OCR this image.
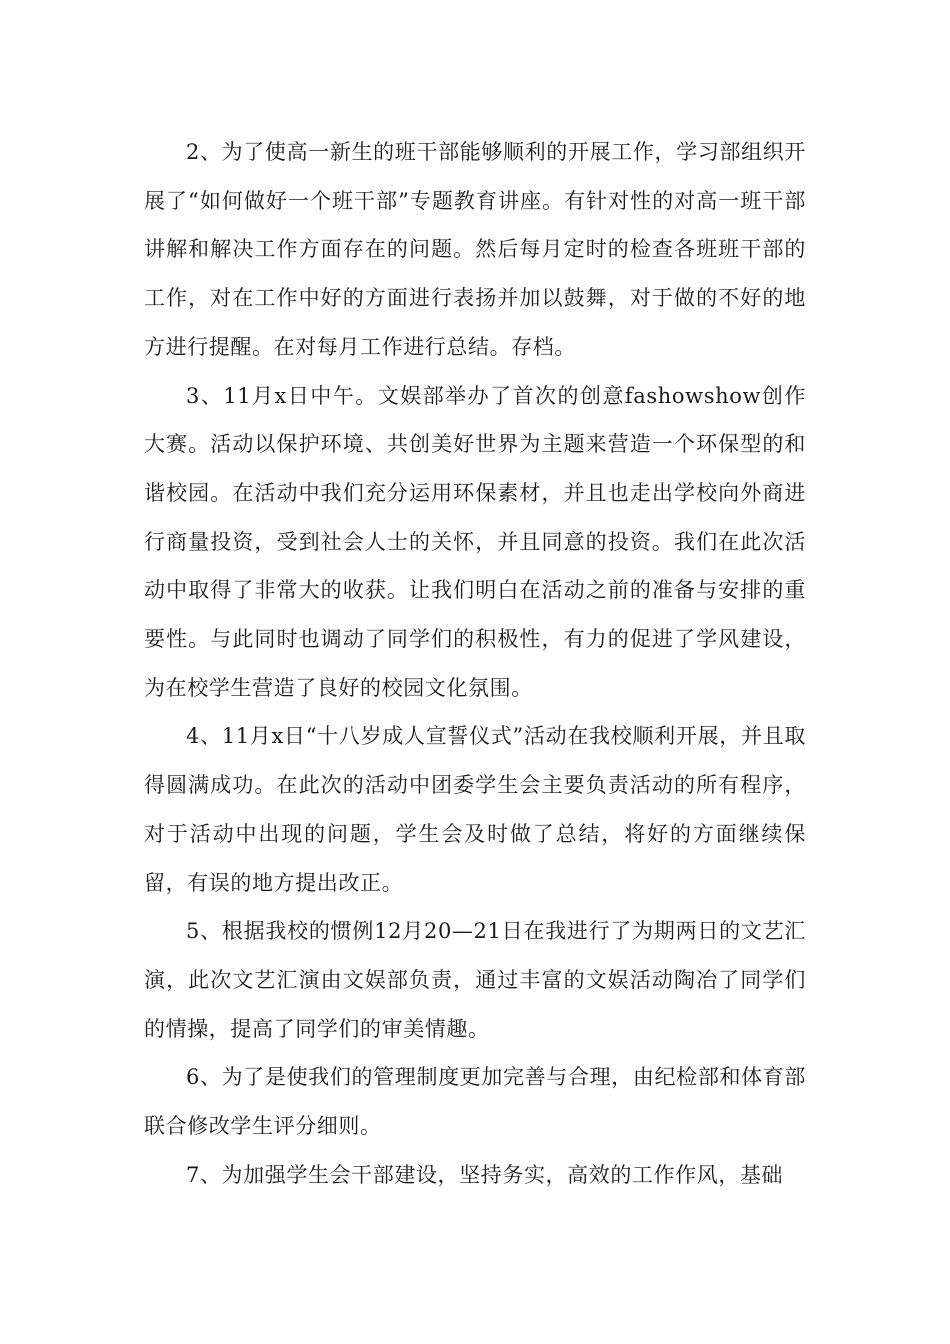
2、为了使高一新生的班干部能够顺利的开展工作，学习部组织开展了“如何做好一个班干部”专题教育讲座。有针对性的对高一班干部讲解和解决工作方面存在的问题。然后每月定时的检查各班班干部的工作，对在工作中好的方面进行表扬并加以鼓舞，对于做的不好的地方进行提醒。在对每月工作进行总结。存档。

3、11月x日中午。文娱部举办了首次的创意fashowshow创作大赛。活动以保护环境、共创美好世界为主题来营造一个环保型的和谐校园。在活动中我们充分运用环保素材，并且也走出学校向外商进行商量投资，受到社会人士的关怀，并且同意的投资。我们在此次活动中取得了非常大的收获。让我们明白在活动之前的准备与安排的重要性。与此同时也调动了同学们的积极性，有力的促进了学风建设，为在校学生营造了良好的校园文化氛围。

4、11月x日“十八岁成人宣誓仪式”活动在我校顺利开展，并且取得圆满成功。在此次的活动中团委学生会主要负责活动的所有程序，对于活动中出现的问题，学生会及时做了总结，将好的方面继续保留，有误的地方提出改正。

5、根据我校的惯例12月20—21日在我进行了为期两日的文艺汇演，此次文艺汇演由文娱部负责，通过丰富的文娱活动陶冶了同学们的情操，提高了同学们的审美情趣。

6、为了是使我们的管理制度更加完善与合理，由纪检部和体育部联合修改学生评分细则。

7、为加强学生会干部建设，坚持务实，高效的工作作风，基础
